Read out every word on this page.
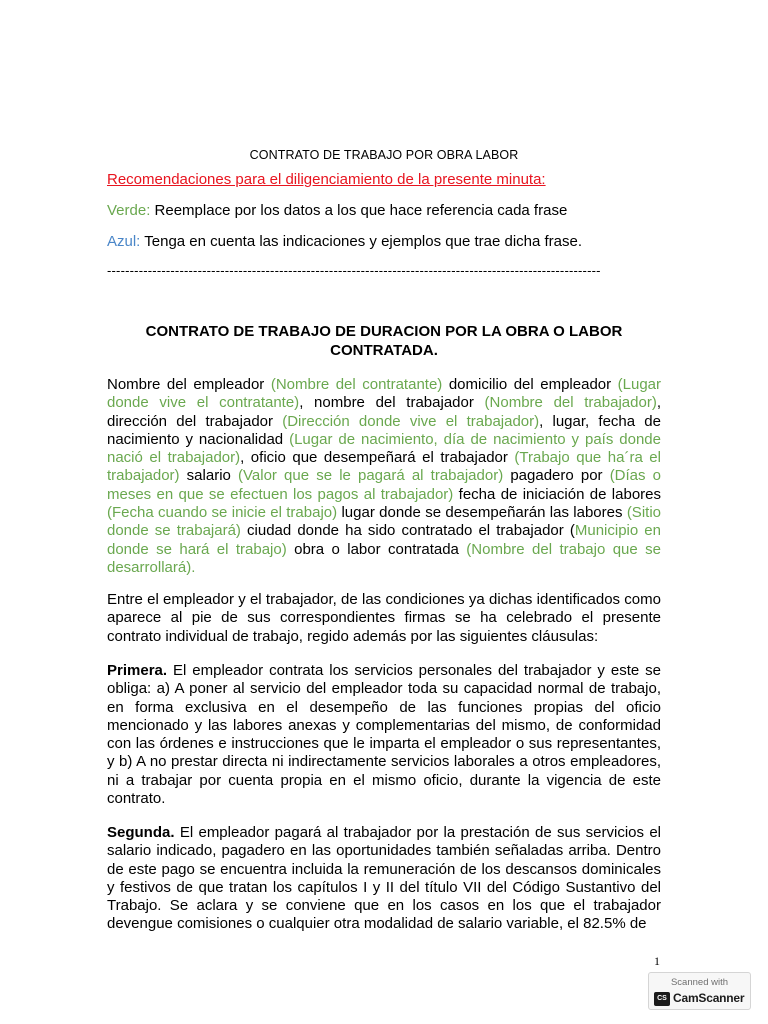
CONTRATO DE TRABAJO POR OBRA LABOR
Recomendaciones para el diligenciamiento de la presente minuta:
Verde: Reemplace por los datos a los que hace referencia cada frase
Azul: Tenga en cuenta las indicaciones y ejemplos que trae dicha frase.
-------------------------------------------------------------------------------------------------------------
CONTRATO DE TRABAJO DE DURACION POR LA OBRA O LABOR
CONTRATADA.

Nombre del empleador (Nombre del contratante) domicilio del empleador (Lugar donde vive el contratante), nombre del trabajador (Nombre del trabajador), dirección del trabajador (Dirección donde vive el trabajador), lugar, fecha de nacimiento y nacionalidad (Lugar de nacimiento, día de nacimiento y país donde nació el trabajador), oficio que desempeñará el trabajador (Trabajo que ha´ra el trabajador) salario (Valor que se le pagará al trabajador) pagadero por (Días o meses en que se efectuen los pagos al trabajador) fecha de iniciación de labores (Fecha cuando se inicie el trabajo) lugar donde se desempeñarán las labores (Sitio donde se trabajará) ciudad donde ha sido contratado el trabajador (Municipio en donde se hará el trabajo) obra o labor contratada (Nombre del trabajo que se desarrollará).

Entre el empleador y el trabajador, de las condiciones ya dichas identificados como aparece al pie de sus correspondientes firmas se ha celebrado el presente contrato individual de trabajo, regido además por las siguientes cláusulas:

Primera. El empleador contrata los servicios personales del trabajador y este se obliga: a) A poner al servicio del empleador toda su capacidad normal de trabajo, en forma exclusiva en el desempeño de las funciones propias del oficio mencionado y las labores anexas y complementarias del mismo, de conformidad con las órdenes e instrucciones que le imparta el empleador o sus representantes, y b) A no prestar directa ni indirectamente servicios laborales a otros empleadores, ni a trabajar por cuenta propia en el mismo oficio, durante la vigencia de este contrato.

Segunda. El empleador pagará al trabajador por la prestación de sus servicios el salario indicado, pagadero en las oportunidades también señaladas arriba. Dentro de este pago se encuentra incluida la remuneración de los descansos dominicales y festivos de que tratan los capítulos I y II del título VII del Código Sustantivo del Trabajo. Se aclara y se conviene que en los casos en los que el trabajador devengue comisiones o cualquier otra modalidad de salario variable, el 82.5% de

1
Scanned with
CS CamScanner
